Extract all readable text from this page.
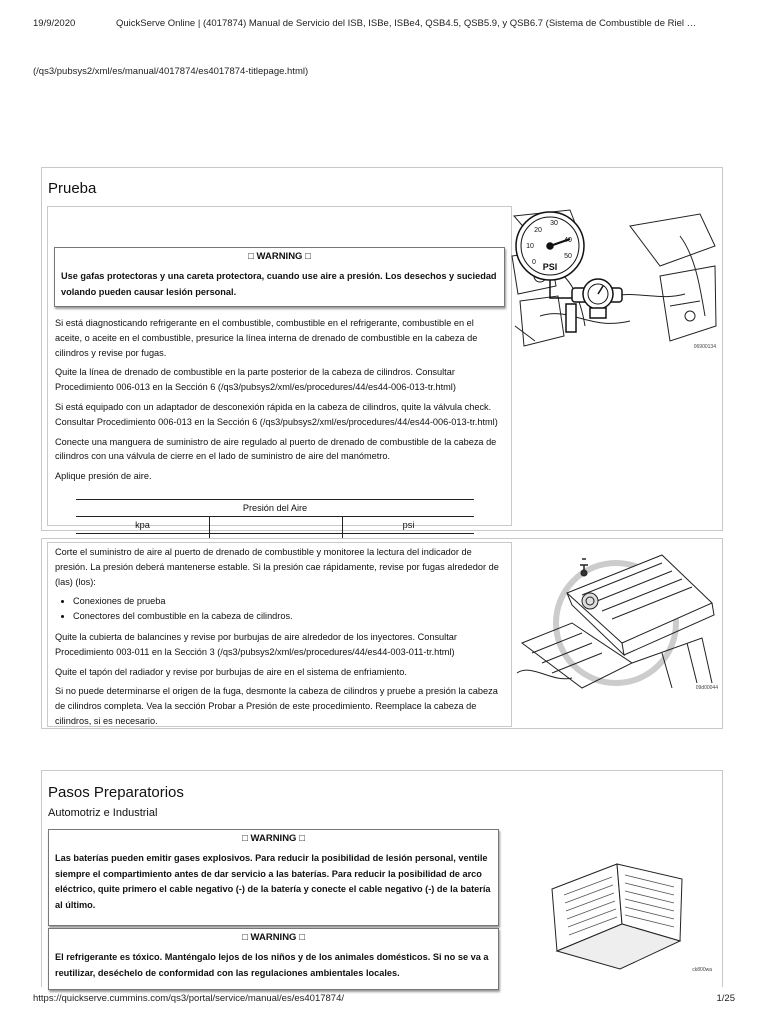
19/9/2020	QuickServe Online | (4017874) Manual de Servicio del ISB, ISBe, ISBe4, QSB4.5, QSB5.9, y QSB6.7 (Sistema de Combustible de Riel …
(/qs3/pubsys2/xml/es/manual/4017874/es4017874-titlepage.html)
Prueba
□ WARNING □
Use gafas protectoras y una careta protectora, cuando use aire a presión. Los desechos y suciedad volando pueden causar lesión personal.

Si está diagnosticando refrigerante en el combustible, combustible en el refrigerante, combustible en el aceite, o aceite en el combustible, presurice la línea interna de drenado de combustible en la cabeza de cilindros y revise por fugas.

Quite la línea de drenado de combustible en la parte posterior de la cabeza de cilindros. Consultar Procedimiento 006-013 en la Sección 6 (/qs3/pubsys2/xml/es/procedures/44/es44-006-013-tr.html)

Si está equipado con un adaptador de desconexión rápida en la cabeza de cilindros, quite la válvula check. Consultar Procedimiento 006-013 en la Sección 6 (/qs3/pubsys2/xml/es/procedures/44/es44-006-013-tr.html)

Conecte una manguera de suministro de aire regulado al puerto de drenado de combustible de la cabeza de cilindros con una válvula de cierre en el lado de suministro de aire del manómetro.

Aplique presión de aire.

Presión del Aire		
kpa		psi

20
30
40
10
0
50
PSI
06900134

Corte el suministro de aire al puerto de drenado de combustible y monitoree la lectura del indicador de presión. La presión deberá mantenerse estable. Si la presión cae rápidamente, revise por fugas alrededor de (las) (los):

• Conexiones de prueba
• Conectores del combustible en la cabeza de cilindros.

Quite la cubierta de balancines y revise por burbujas de aire alrededor de los inyectores. Consultar Procedimiento 003-011 en la Sección 3 (/qs3/pubsys2/xml/es/procedures/44/es44-003-011-tr.html)

Quite el tapón del radiador y revise por burbujas de aire en el sistema de enfriamiento.

Si no puede determinarse el origen de la fuga, desmonte la cabeza de cilindros y pruebe a presión la cabeza de cilindros completa. Vea la sección Probar a Presión de este procedimiento. Reemplace la cabeza de cilindros, si es necesario.

09d00044
Pasos Preparatorios
Automotriz e Industrial
□ WARNING □
Las baterías pueden emitir gases explosivos. Para reducir la posibilidad de lesión personal, ventile siempre el compartimiento antes de dar servicio a las baterías. Para reducir la posibilidad de arco eléctrico, quite primero el cable negativo (-) de la batería y conecte el cable negativo (-) de la batería al último.
□ WARNING □
El refrigerante es tóxico. Manténgalo lejos de los niños y de los animales domésticos. Si no se va a reutilizar, deséchelo de conformidad con las regulaciones ambientales locales.	ck800wa
https://quickserve.cummins.com/qs3/portal/service/manual/es/es4017874/	1/25
